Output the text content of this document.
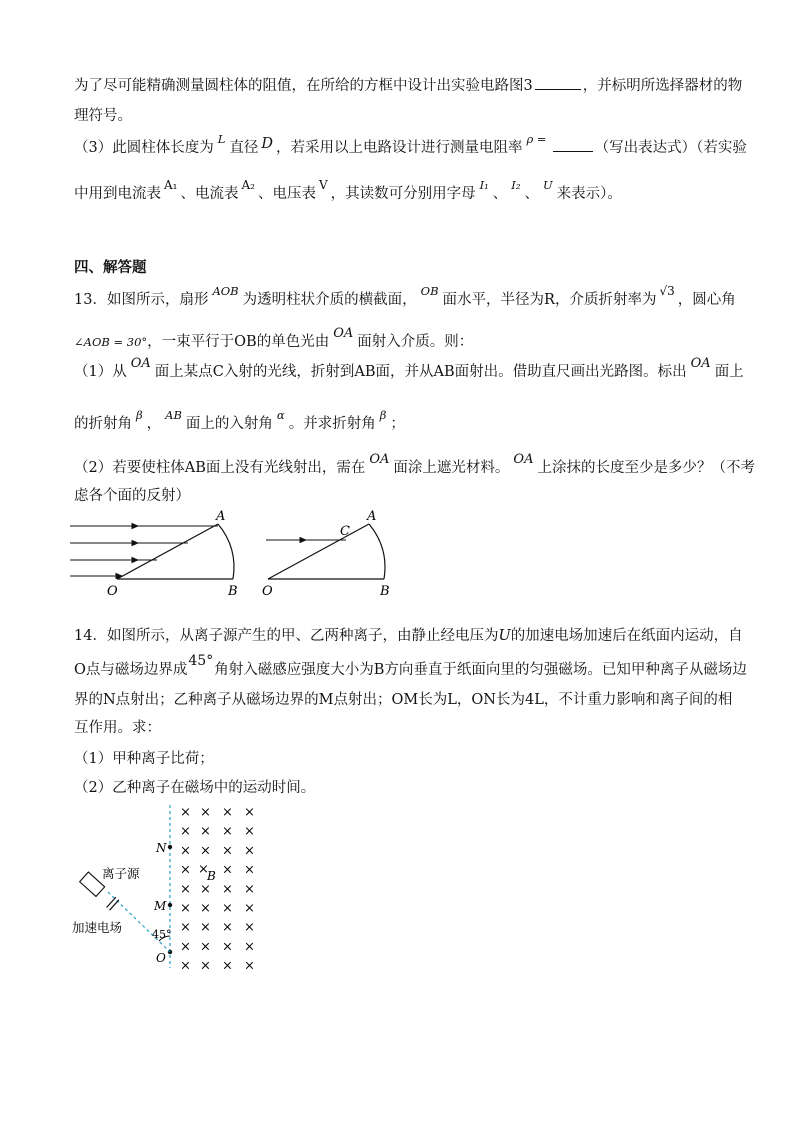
为了尽可能精确测量圆柱体的阻值，在所给的方框中设计出实验电路图3	，并标明所选择器材的物
理符号。
（3）此圆柱体长度为$^L$直径 D ，若采用以上电路设计进行测量电阻率$^{\rho =}$（写出表达式）（若实验
中用到电流表$^{A_1}$、电流表$^{A_2}$、电压表$^V$，其读数可分别用字母$^{I_1}$、$^{I_2}$、$^U$来表示）。
四、解答题
13．如图所示，扇形$^{AOB}$为透明柱状介质的横截面，$^{OB}$面水平，半径为R，介质折射率为$^{√3}$，圆心角
∠AOB = 30°，一束平行于OB的单色光由OA面射入介质。则：
（1）从OA面上某点C入射的光线，折射到AB面，并从AB面射出。借助直尺画出光路图。标出OA面上
的折射角$^\beta$，$^{AB}$面上的入射角$^\alpha$。并求折射角$^\beta$；
（2）若要使柱体AB面上没有光线射出，需在OA面涂上遮光材料。OA上涂抹的长度至少是多少？（不考
虑各个面的反射）
A
O	B
C
A
O	B
14．如图所示，从离子源产生的甲、乙两种离子，由静止经电压为U的加速电场加速后在纸面内运动，自
O点与磁场边界成45°角射入磁感应强度大小为B方向垂直于纸面向里的匀强磁场。已知甲种离子从磁场边
界的N点射出；乙种离子从磁场边界的M点射出；OM长为L，ON长为4L，不计重力影响和离子间的相
互作用。求：
（1）甲种离子比荷；
（2）乙种离子在磁场中的运动时间。
× × × ×
× × × ×
× × × ×
× × ×
× × × ×
× × × ×
× × × ×
× × × ×
× × × ×
×
N
M
O
B
45°
离子源
加速电场
